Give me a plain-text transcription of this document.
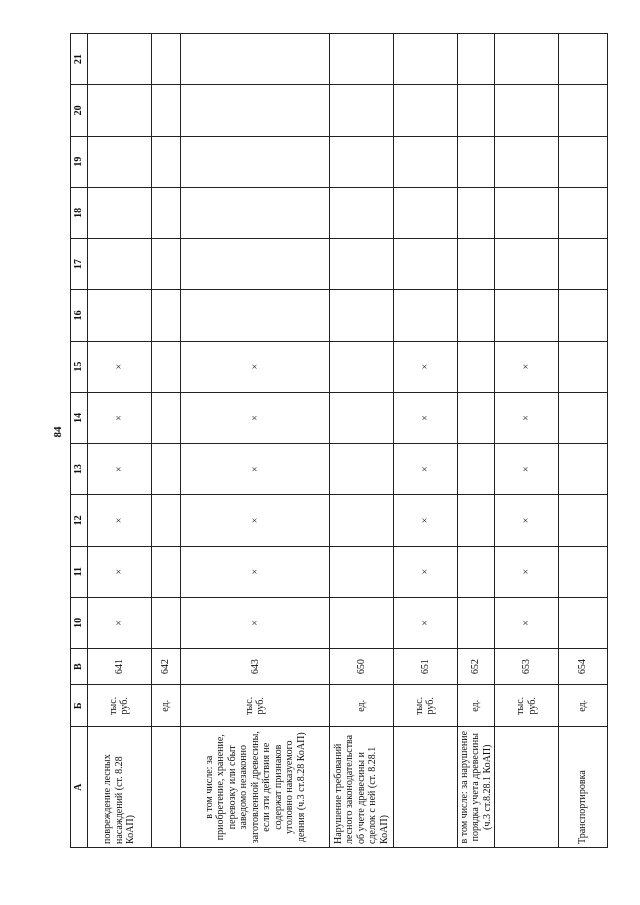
84
А	Б	В	10	11	12	13	14	15	16	17	18	19	20	21
повреждение лесных насаждений (ст. 8.28 КоАП)	тыс. руб.	641	×	×	×	×	×	×						
	ед.	642												
в том числе: за приобретение, хранение, перевозку или сбыт заведомо незаконно заготовленной древесины, если эти действия не содержат признаков уголовно наказуемого деяния (ч.3 ст.8.28 КоАП)	тыс. руб.	643	×	×	×	×	×	×						
Нарушение требований лесного законодательства об учете древесины и сделок с ней (ст. 8.28.1 КоАП)	ед.	650												
	тыс. руб.	651	×	×	×	×	×	×						
в том числе: за нарушение порядка учета древесины (ч.3 ст.8.28.1 КоАП)	ед.	652												
	тыс. руб.	653	×	×	×	×	×	×						
Транспортировка	ед.	654												
